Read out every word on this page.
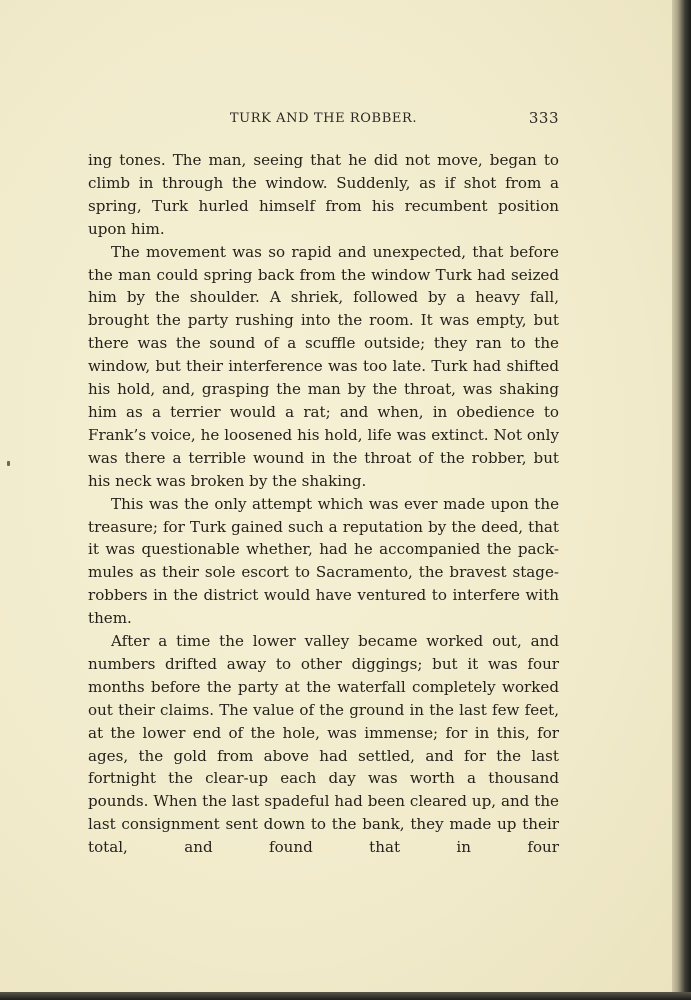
TURK AND THE ROBBER.	333

ing tones. The man, seeing that he did not move, began to climb in through the window. Suddenly, as if shot from a spring, Turk hurled himself from his recumbent position upon him.

The movement was so rapid and unexpected, that before the man could spring back from the window Turk had seized him by the shoulder. A shriek, followed by a heavy fall, brought the party rushing into the room. It was empty, but there was the sound of a scuffle outside; they ran to the window, but their interference was too late. Turk had shifted his hold, and, grasping the man by the throat, was shaking him as a terrier would a rat; and when, in obedience to Frank’s voice, he loosened his hold, life was extinct. Not only was there a terrible wound in the throat of the robber, but his neck was broken by the shaking.

This was the only attempt which was ever made upon the treasure; for Turk gained such a reputation by the deed, that it was questionable whether, had he accompanied the pack-mules as their sole escort to Sacramento, the bravest stage-robbers in the district would have ventured to interfere with them.

After a time the lower valley became worked out, and numbers drifted away to other diggings; but it was four months before the party at the waterfall completely worked out their claims. The value of the ground in the last few feet, at the lower end of the hole, was immense; for in this, for ages, the gold from above had settled, and for the last fortnight the clear-up each day was worth a thousand pounds. When the last spadeful had been cleared up, and the last consignment sent down to the bank, they made up their total, and found that in four
